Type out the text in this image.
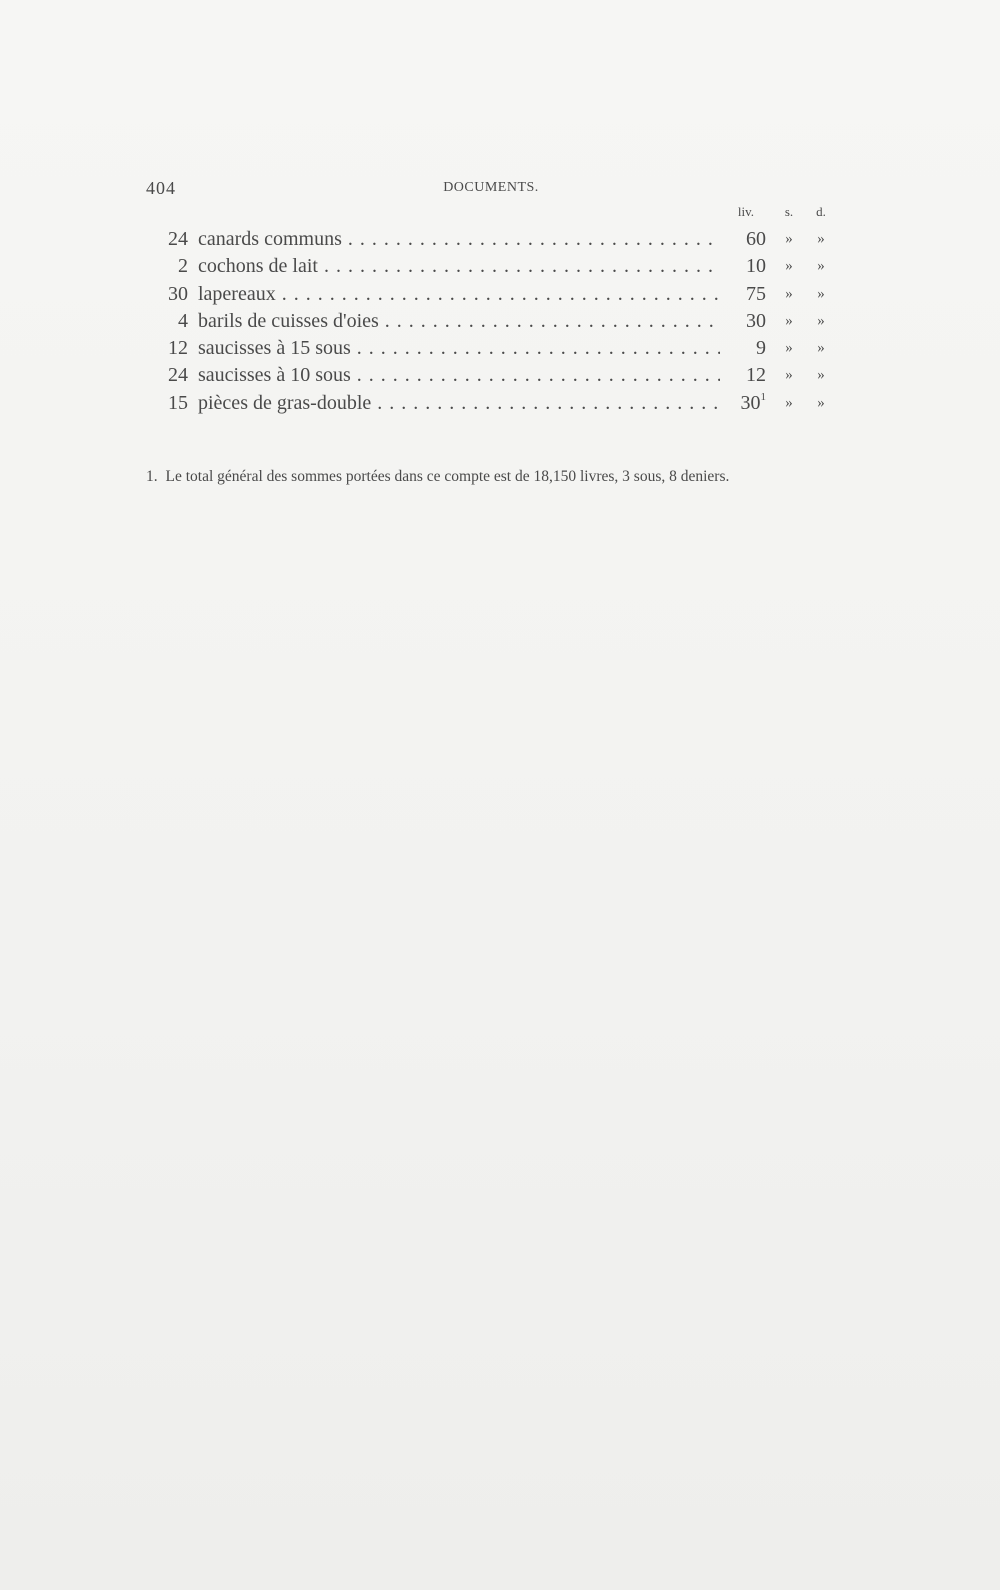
404	DOCUMENTS.
liv.	s.	d.
24 canards communs . . .	60	»	»
2 cochons de lait . . .	10	»	»
30 lapereaux . . .	75	»	»
4 barils de cuisses d'oies . . .	30	»	»
12 saucisses à 15 sous . . .	9	»	»
24 saucisses à 10 sous . . .	12	»	»
15 pièces de gras-double . . .	$30^1$	»	»
1. Le total général des sommes portées dans ce compte est de 18,150 livres, 3 sous, 8 deniers.
